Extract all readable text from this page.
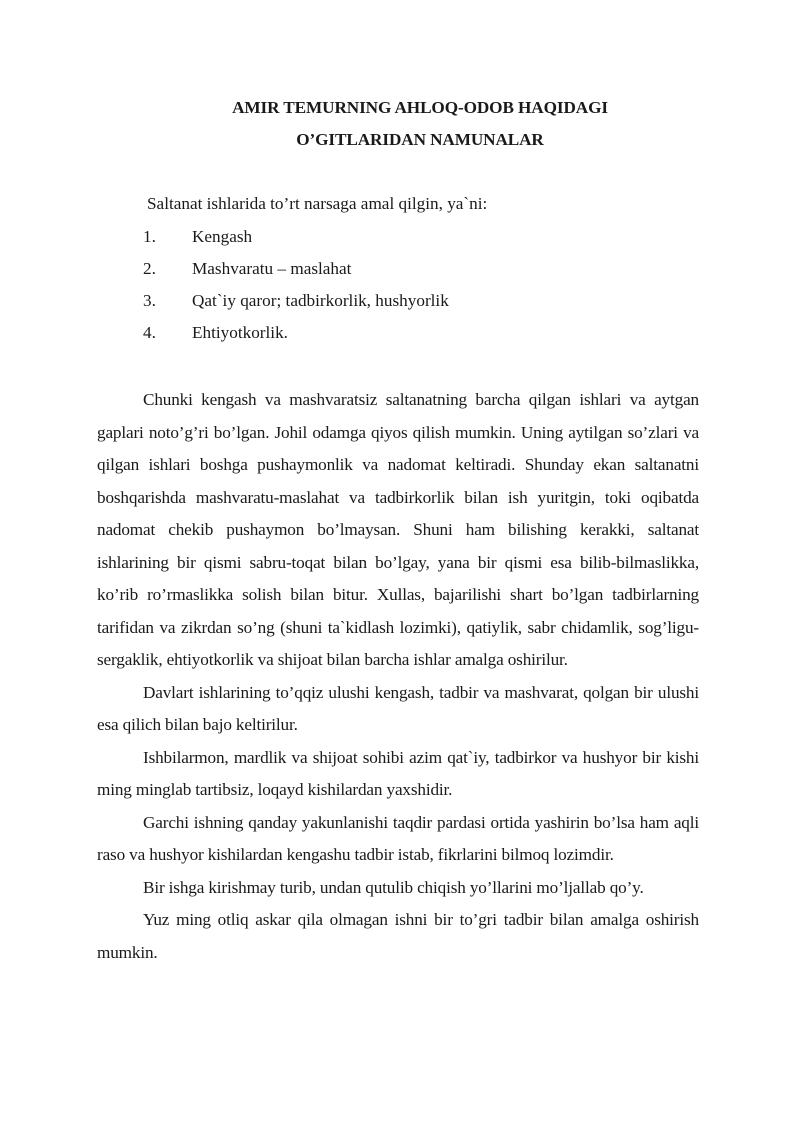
AMIR TEMURNING AHLOQ-ODOB HAQIDAGI
O’GITLARIDAN NAMUNALAR
Saltanat ishlarida to’rt narsaga amal qilgin, ya`ni:
1. Kengash
2. Mashvaratu – maslahat
3. Qat`iy qaror; tadbirkorlik, hushyorlik
4. Ehtiyotkorlik.

Chunki kengash va mashvaratsiz saltanatning barcha qilgan ishlari va aytgan gaplari noto’g’ri bo’lgan. Johil odamga qiyos qilish mumkin. Uning aytilgan so’zlari va qilgan ishlari boshga pushaymonlik va nadomat keltiradi. Shunday ekan saltanatni boshqarishda mashvaratu-maslahat va tadbirkorlik bilan ish yuritgin, toki oqibatda nadomat chekib pushaymon bo’lmaysan. Shuni ham bilishing kerakki, saltanat ishlarining bir qismi sabru-toqat bilan bo’lgay, yana bir qismi esa bilib-bilmaslikka, ko’rib ro’rmaslikka solish bilan bitur. Xullas, bajarilishi shart bo’lgan tadbirlarning tarifidan va zikrdan so’ng (shuni ta`kidlash lozimki), qatiylik, sabr chidamlik, sog’ligu-sergaklik, ehtiyotkorlik va shijoat bilan barcha ishlar amalga oshirilur.

Davlart ishlarining to’qqiz ulushi kengash, tadbir va mashvarat, qolgan bir ulushi esa qilich bilan bajo keltirilur.

Ishbilarmon, mardlik va shijoat sohibi azim qat`iy, tadbirkor va hushyor bir kishi ming minglab tartibsiz, loqayd kishilardan yaxshidir.

Garchi ishning qanday yakunlanishi taqdir pardasi ortida yashirin bo’lsa ham aqli raso va hushyor kishilardan kengashu tadbir istab, fikrlarini bilmoq lozimdir.

Bir ishga kirishmay turib, undan qutulib chiqish yo’llarini mo’ljallab qo’y.

Yuz ming otliq askar qila olmagan ishni bir to’gri tadbir bilan amalga oshirish mumkin.
